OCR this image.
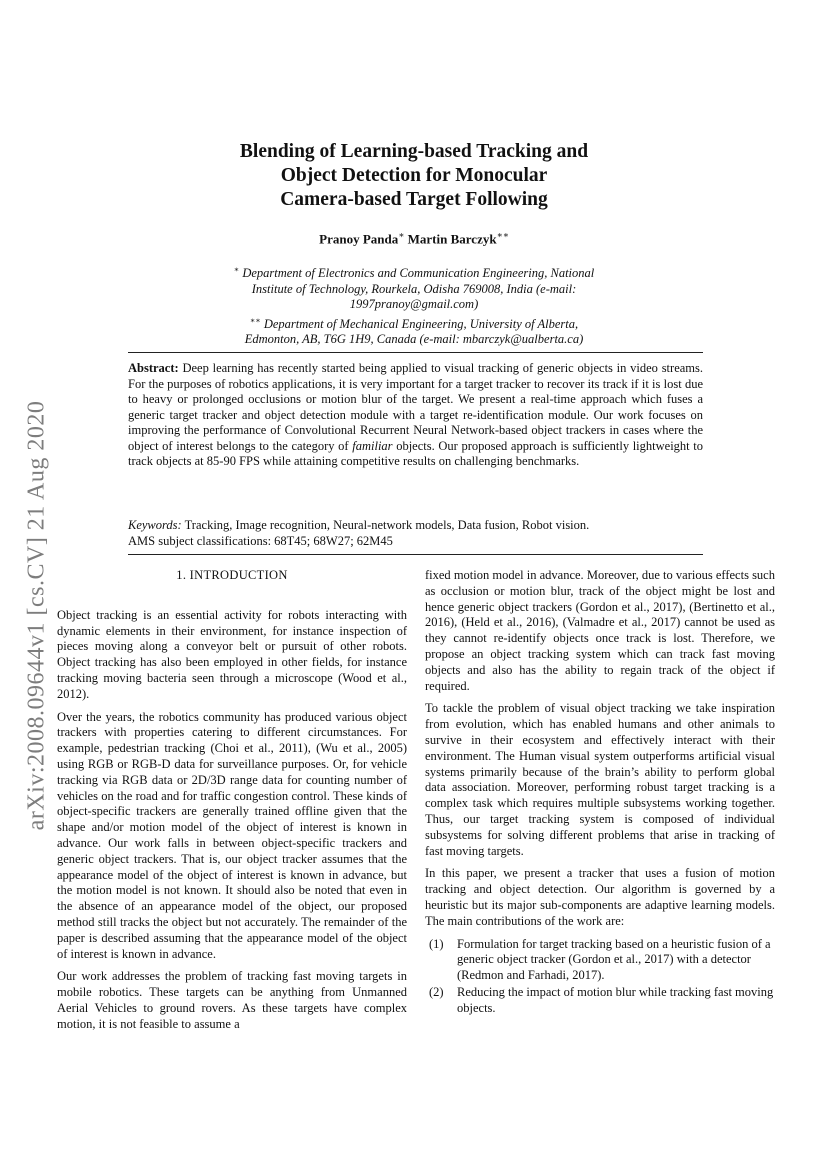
arXiv:2008.09644v1 [cs.CV] 21 Aug 2020
Blending of Learning-based Tracking and
Object Detection for Monocular
Camera-based Target Following
Pranoy Panda∗ Martin Barczyk∗∗
∗ Department of Electronics and Communication Engineering, National
Institute of Technology, Rourkela, Odisha 769008, India (e-mail:
1997pranoy@gmail.com)
∗∗ Department of Mechanical Engineering, University of Alberta,
Edmonton, AB, T6G 1H9, Canada (e-mail: mbarczyk@ualberta.ca)
Abstract: Deep learning has recently started being applied to visual tracking of generic objects in video streams. For the purposes of robotics applications, it is very important for a target tracker to recover its track if it is lost due to heavy or prolonged occlusions or motion blur of the target. We present a real-time approach which fuses a generic target tracker and object detection module with a target re-identification module. Our work focuses on improving the performance of Convolutional Recurrent Neural Network-based object trackers in cases where the object of interest belongs to the category of familiar objects. Our proposed approach is sufficiently lightweight to track objects at 85-90 FPS while attaining competitive results on challenging benchmarks.
Keywords: Tracking, Image recognition, Neural-network models, Data fusion, Robot vision.
AMS subject classifications: 68T45; 68W27; 62M45
1. INTRODUCTION

Object tracking is an essential activity for robots interacting with dynamic elements in their environment, for instance inspection of pieces moving along a conveyor belt or pursuit of other robots. Object tracking has also been employed in other fields, for instance tracking moving bacteria seen through a microscope (Wood et al., 2012).

Over the years, the robotics community has produced various object trackers with properties catering to different circumstances. For example, pedestrian tracking (Choi et al., 2011), (Wu et al., 2005) using RGB or RGB-D data for surveillance purposes. Or, for vehicle tracking via RGB data or 2D/3D range data for counting number of vehicles on the road and for traffic congestion control. These kinds of object-specific trackers are generally trained offline given that the shape and/or motion model of the object of interest is known in advance. Our work falls in between object-specific trackers and generic object trackers. That is, our object tracker assumes that the appearance model of the object of interest is known in advance, but the motion model is not known. It should also be noted that even in the absence of an appearance model of the object, our proposed method still tracks the object but not accurately. The remainder of the paper is described assuming that the appearance model of the object of interest is known in advance.

Our work addresses the problem of tracking fast moving targets in mobile robotics. These targets can be anything from Unmanned Aerial Vehicles to ground rovers. As these targets have complex motion, it is not feasible to assume a

fixed motion model in advance. Moreover, due to various effects such as occlusion or motion blur, track of the object might be lost and hence generic object trackers (Gordon et al., 2017), (Bertinetto et al., 2016), (Held et al., 2016), (Valmadre et al., 2017) cannot be used as they cannot re-identify objects once track is lost. Therefore, we propose an object tracking system which can track fast moving objects and also has the ability to regain track of the object if required.

To tackle the problem of visual object tracking we take inspiration from evolution, which has enabled humans and other animals to survive in their ecosystem and effectively interact with their environment. The Human visual system outperforms artificial visual systems primarily because of the brain’s ability to perform global data association. Moreover, performing robust target tracking is a complex task which requires multiple subsystems working together. Thus, our target tracking system is composed of individual subsystems for solving different problems that arise in tracking of fast moving targets.

In this paper, we present a tracker that uses a fusion of motion tracking and object detection. Our algorithm is governed by a heuristic but its major sub-components are adaptive learning models. The main contributions of the work are:

(1)	Formulation for target tracking based on a heuristic fusion of a generic object tracker (Gordon et al., 2017) with a detector (Redmon and Farhadi, 2017).
(2)	Reducing the impact of motion blur while tracking fast moving objects.
